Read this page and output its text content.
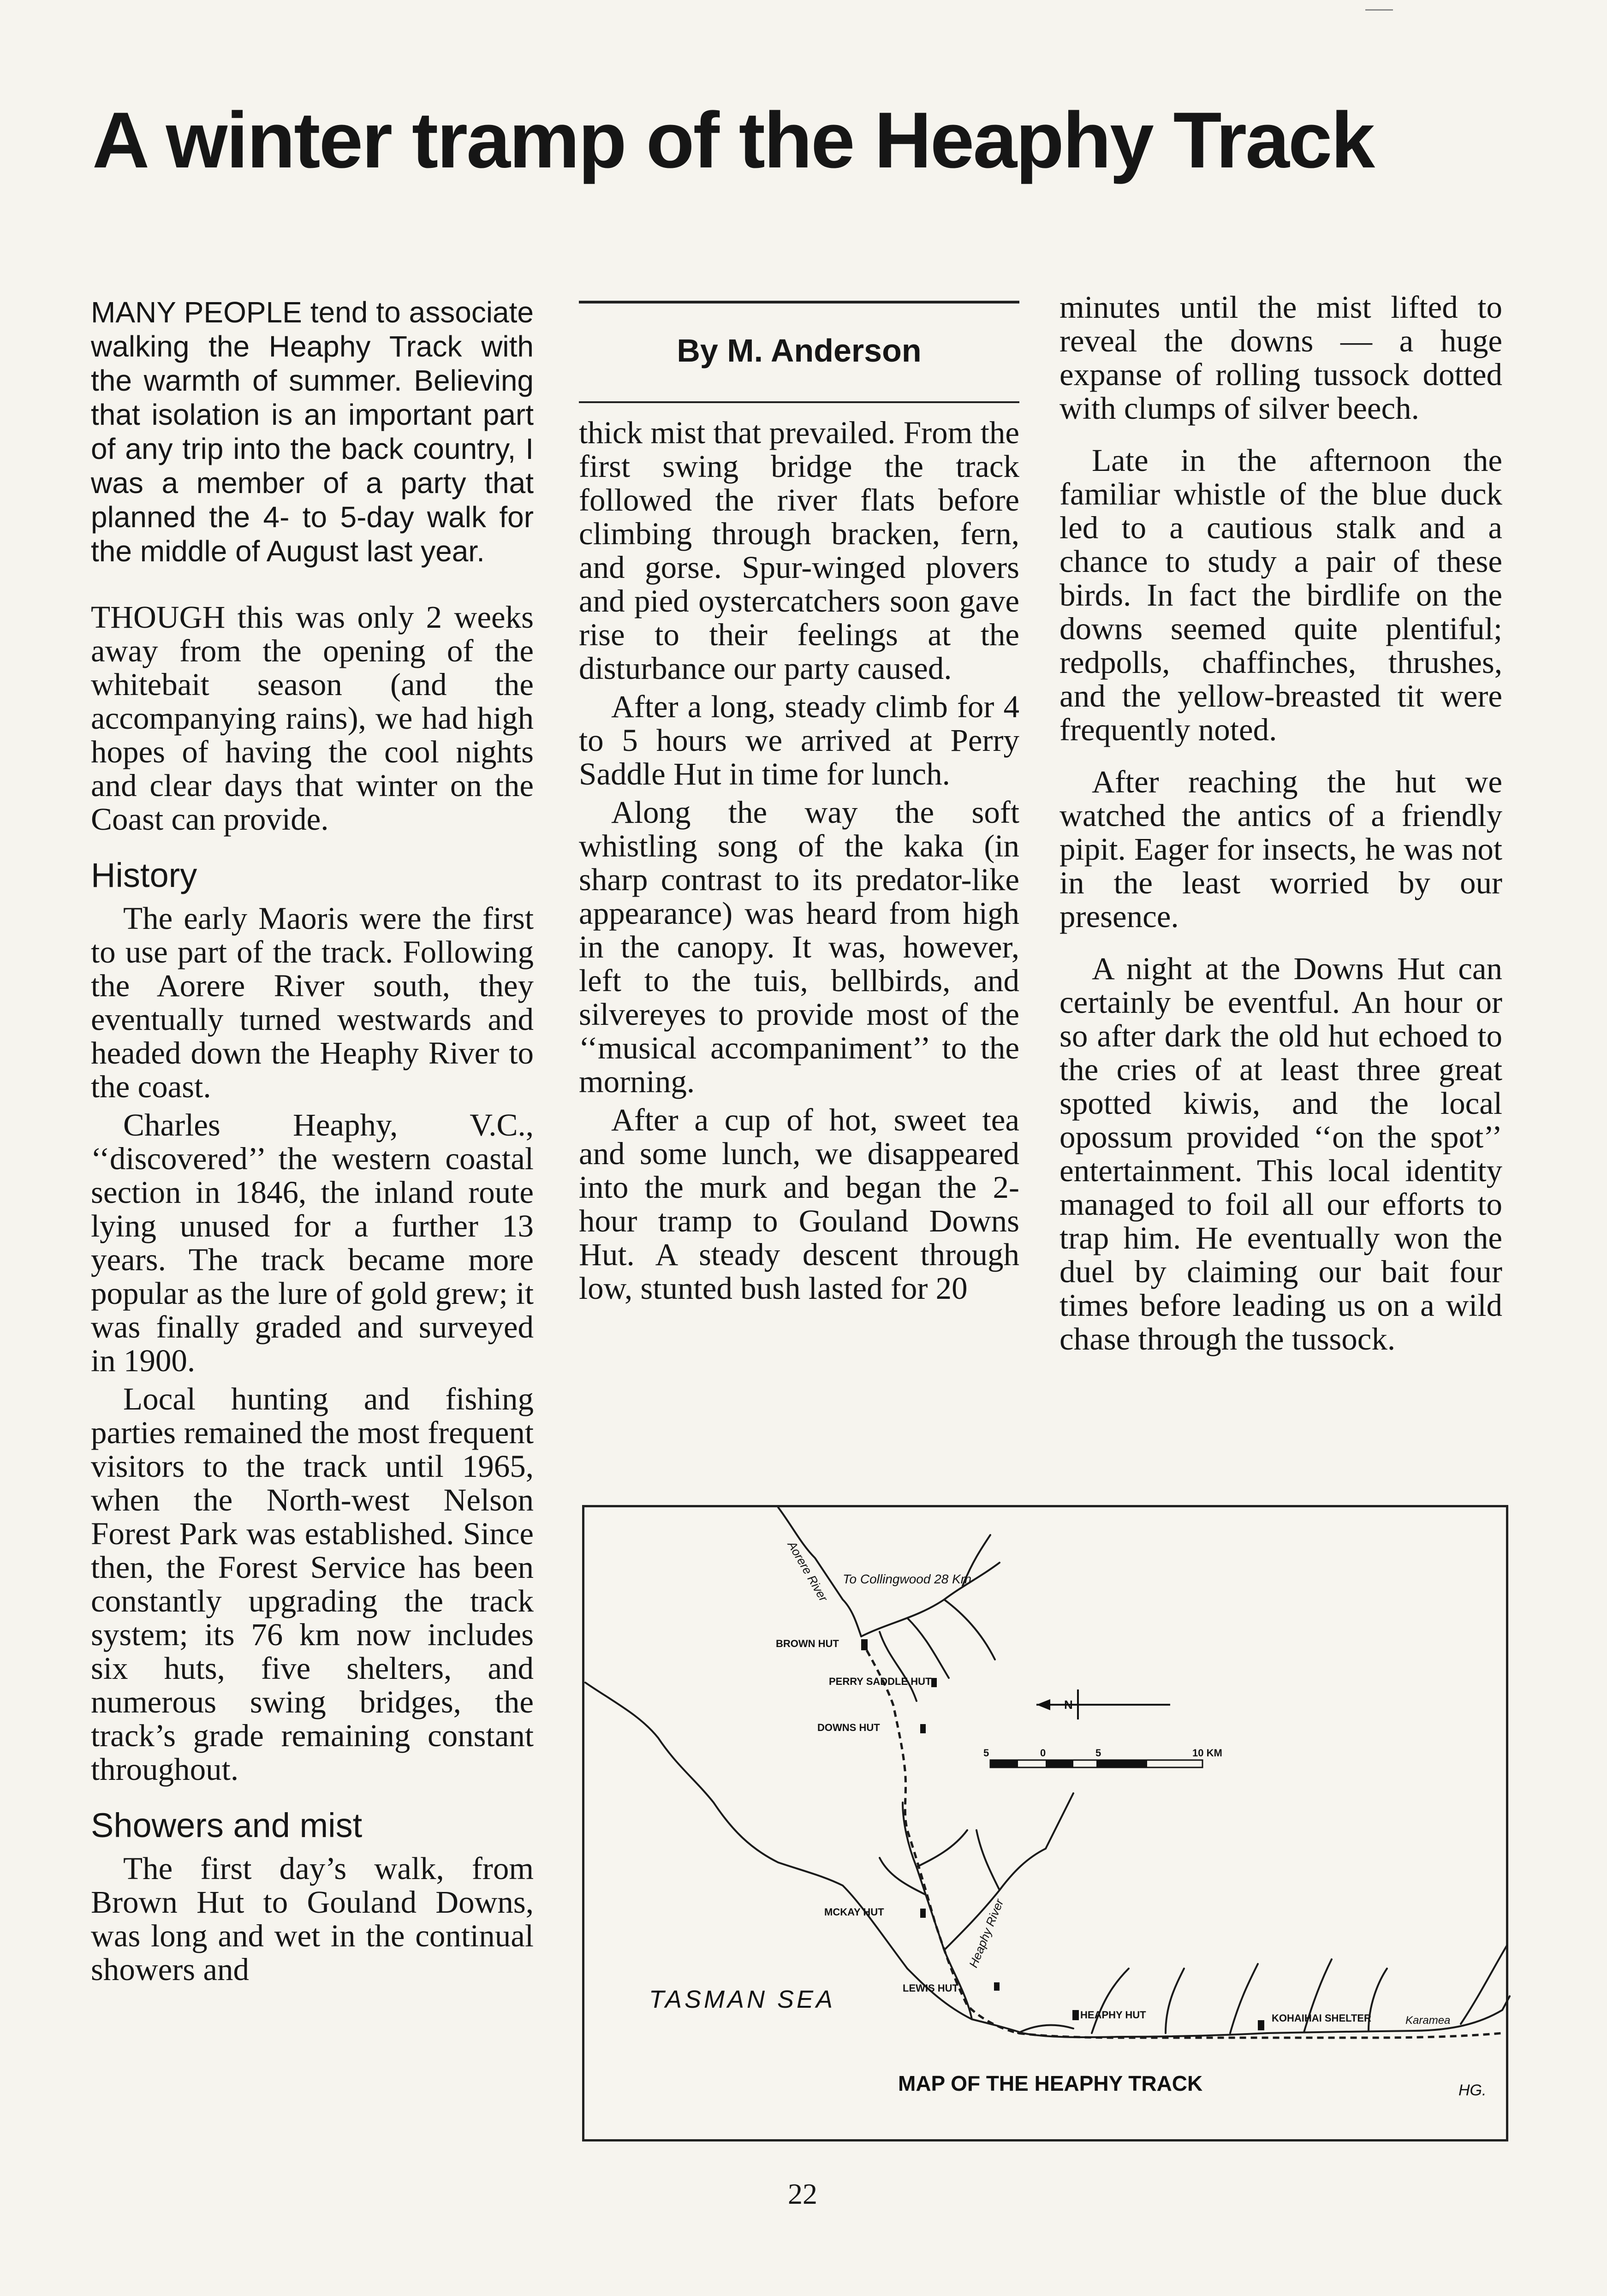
A winter tramp of the Heaphy Track

MANY PEOPLE tend to associate walking the Heaphy Track with the warmth of summer. Believing that isolation is an important part of any trip into the back country, I was a member of a party that planned the 4- to 5-day walk for the middle of August last year.

THOUGH this was only 2 weeks away from the opening of the whitebait season (and the accompanying rains), we had high hopes of having the cool nights and clear days that winter on the Coast can provide.

History

The early Maoris were the first to use part of the track. Following the Aorere River south, they eventually turned westwards and headed down the Heaphy River to the coast.

Charles Heaphy, V.C., ‘‘discovered’’ the western coastal section in 1846, the inland route lying unused for a further 13 years. The track became more popular as the lure of gold grew; it was finally graded and surveyed in 1900.

Local hunting and fishing parties remained the most frequent visitors to the track until 1965, when the North-west Nelson Forest Park was established. Since then, the Forest Service has been constantly upgrading the track system; its 76 km now includes six huts, five shelters, and numerous swing bridges, the track’s grade remaining constant throughout.

Showers and mist

The first day’s walk, from Brown Hut to Gouland Downs, was long and wet in the continual showers and

By M. Anderson

thick mist that prevailed. From the first swing bridge the track followed the river flats before climbing through bracken, fern, and gorse. Spur-winged plovers and pied oystercatchers soon gave rise to their feelings at the disturbance our party caused.

After a long, steady climb for 4 to 5 hours we arrived at Perry Saddle Hut in time for lunch.

Along the way the soft whistling song of the kaka (in sharp contrast to its predator-like appearance) was heard from high in the canopy. It was, however, left to the tuis, bellbirds, and silvereyes to provide most of the ‘‘musical accompaniment’’ to the morning.

After a cup of hot, sweet tea and some lunch, we disappeared into the murk and began the 2-hour tramp to Gouland Downs Hut. A steady descent through low, stunted bush lasted for 20

minutes until the mist lifted to reveal the downs — a huge expanse of rolling tussock dotted with clumps of silver beech.

Late in the afternoon the familiar whistle of the blue duck led to a cautious stalk and a chance to study a pair of these birds. In fact the birdlife on the downs seemed quite plentiful; redpolls, chaffinches, thrushes, and the yellow-breasted tit were frequently noted.

After reaching the hut we watched the antics of a friendly pipit. Eager for insects, he was not in the least worried by our presence.

A night at the Downs Hut can certainly be eventful. An hour or so after dark the old hut echoed to the cries of at least three great spotted kiwis, and the local opossum provided ‘‘on the spot’’ entertainment. This local identity managed to foil all our efforts to trap him. He eventually won the duel by claiming our bait four times before leading us on a wild chase through the tussock.

BROWN HUT
PERRY SADDLE HUT
DOWNS HUT
MCKAY HUT
LEWIS HUT
HEAPHY HUT	KOHAIHAI SHELTER
N
5	0	5	10 KM
MAP OF THE HEAPHY TRACK
TASMAN SEA
To Collingwood 28 Km
Aorere River
Heaphy River
Karamea
HG.
22
